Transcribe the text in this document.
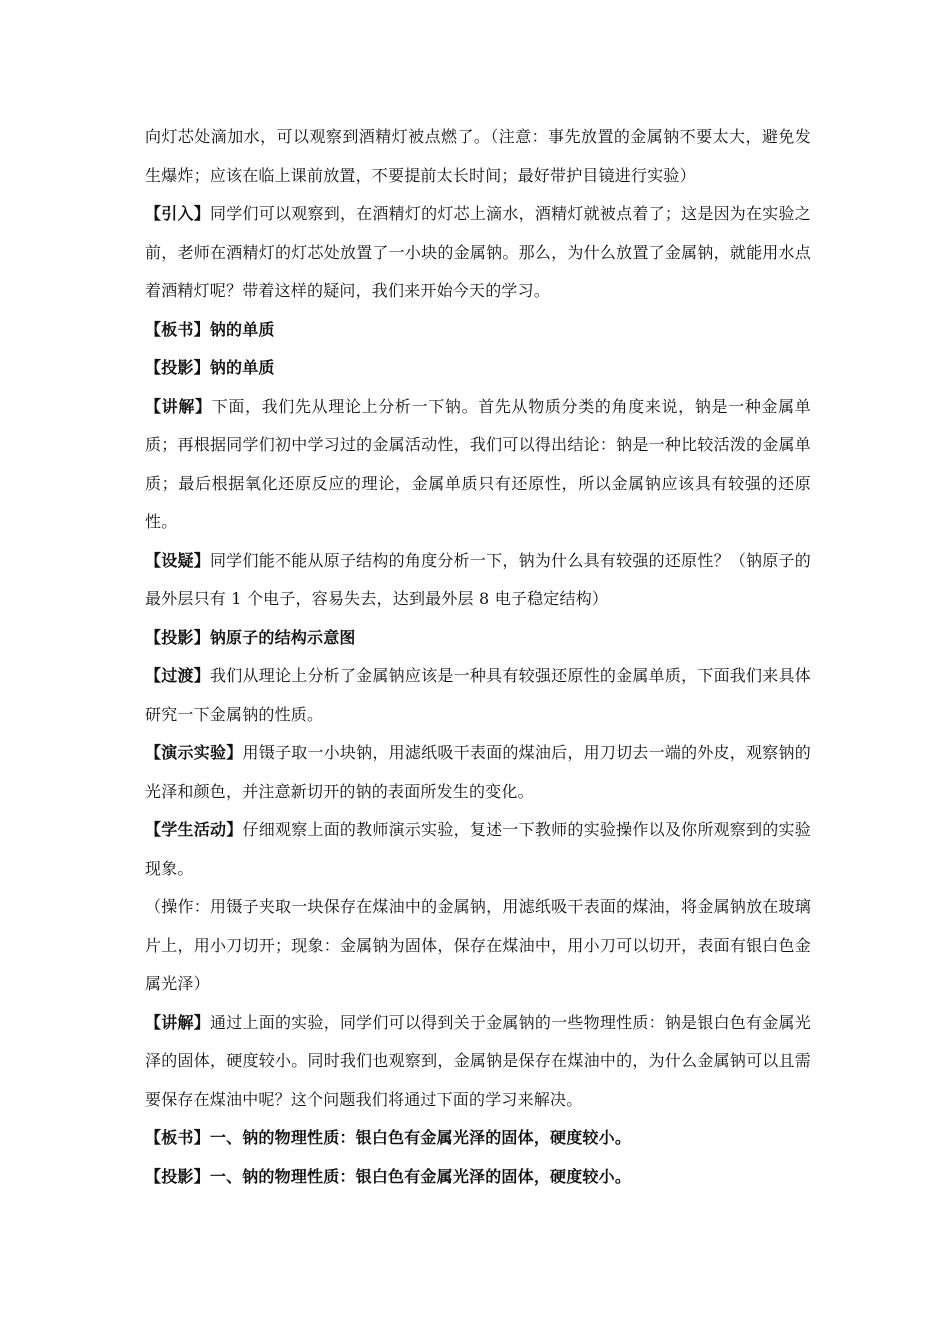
向灯芯处滴加水，可以观察到酒精灯被点燃了。（注意：事先放置的金属钠不要太大，避免发生爆炸；应该在临上课前放置，不要提前太长时间；最好带护目镜进行实验）

【引入】同学们可以观察到，在酒精灯的灯芯上滴水，酒精灯就被点着了；这是因为在实验之前，老师在酒精灯的灯芯处放置了一小块的金属钠。那么，为什么放置了金属钠，就能用水点着酒精灯呢？带着这样的疑问，我们来开始今天的学习。

【板书】钠的单质

【投影】钠的单质

【讲解】下面，我们先从理论上分析一下钠。首先从物质分类的角度来说，钠是一种金属单质；再根据同学们初中学习过的金属活动性，我们可以得出结论：钠是一种比较活泼的金属单质；最后根据氧化还原反应的理论，金属单质只有还原性，所以金属钠应该具有较强的还原性。

【设疑】同学们能不能从原子结构的角度分析一下，钠为什么具有较强的还原性？（钠原子的最外层只有 1 个电子，容易失去，达到最外层 8 电子稳定结构）

【投影】钠原子的结构示意图

【过渡】我们从理论上分析了金属钠应该是一种具有较强还原性的金属单质，下面我们来具体研究一下金属钠的性质。

【演示实验】用镊子取一小块钠，用滤纸吸干表面的煤油后，用刀切去一端的外皮，观察钠的光泽和颜色，并注意新切开的钠的表面所发生的变化。

【学生活动】仔细观察上面的教师演示实验，复述一下教师的实验操作以及你所观察到的实验现象。

（操作：用镊子夹取一块保存在煤油中的金属钠，用滤纸吸干表面的煤油，将金属钠放在玻璃片上，用小刀切开；现象：金属钠为固体，保存在煤油中，用小刀可以切开，表面有银白色金属光泽）

【讲解】通过上面的实验，同学们可以得到关于金属钠的一些物理性质：钠是银白色有金属光泽的固体，硬度较小。同时我们也观察到，金属钠是保存在煤油中的，为什么金属钠可以且需要保存在煤油中呢？这个问题我们将通过下面的学习来解决。

【板书】一、钠的物理性质：银白色有金属光泽的固体，硬度较小。

【投影】一、钠的物理性质：银白色有金属光泽的固体，硬度较小。
